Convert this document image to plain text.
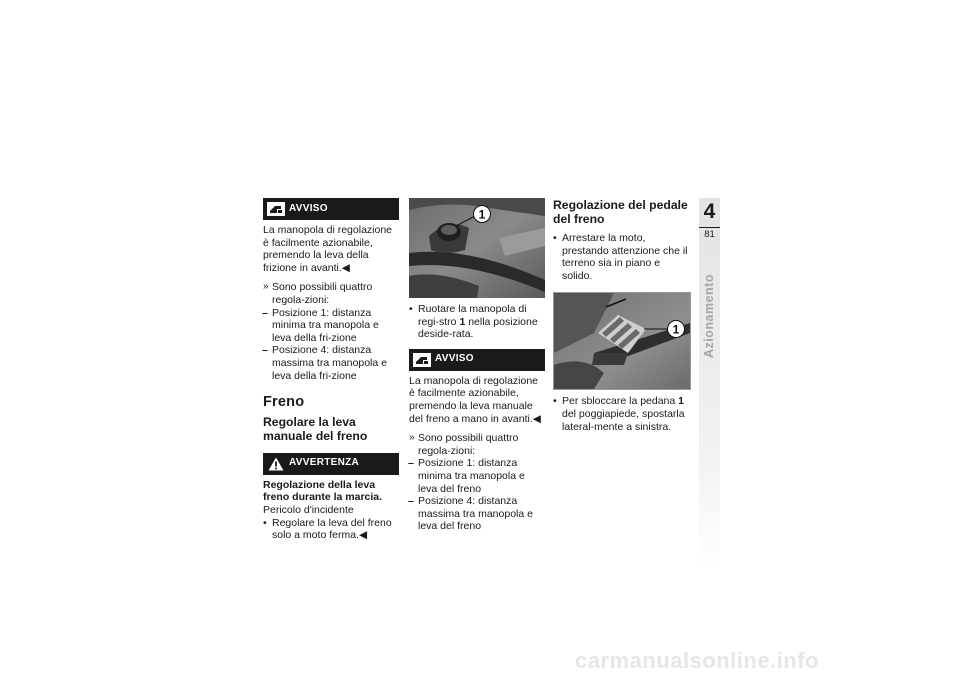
AVVISO

La manopola di regolazione è facilmente azionabile, premendo la leva della frizione in avanti.◀

» Sono possibili quattro regola-zioni:

– Posizione 1: distanza minima tra manopola e leva della fri-zione

– Posizione 4: distanza massima tra manopola e leva della fri-zione

Freno
Regolare la leva manuale del freno
AVVERTENZA

Regolazione della leva freno durante la marcia.

Pericolo d'incidente

• Regolare la leva del freno solo a moto ferma.◀

1

• Ruotare la manopola di regi-stro 1 nella posizione deside-rata.

AVVISO

La manopola di regolazione è facilmente azionabile, premendo la leva manuale del freno a mano in avanti.◀

» Sono possibili quattro regola-zioni:

– Posizione 1: distanza minima tra manopola e leva del freno

– Posizione 4: distanza massima tra manopola e leva del freno

Regolazione del pedale del freno

• Arrestare la moto, prestando attenzione che il terreno sia in piano e solido.

1

• Per sbloccare la pedana 1 del poggiapiede, spostarla lateral-mente a sinistra.

4
81
Azionamento
carmanualsonline.info
